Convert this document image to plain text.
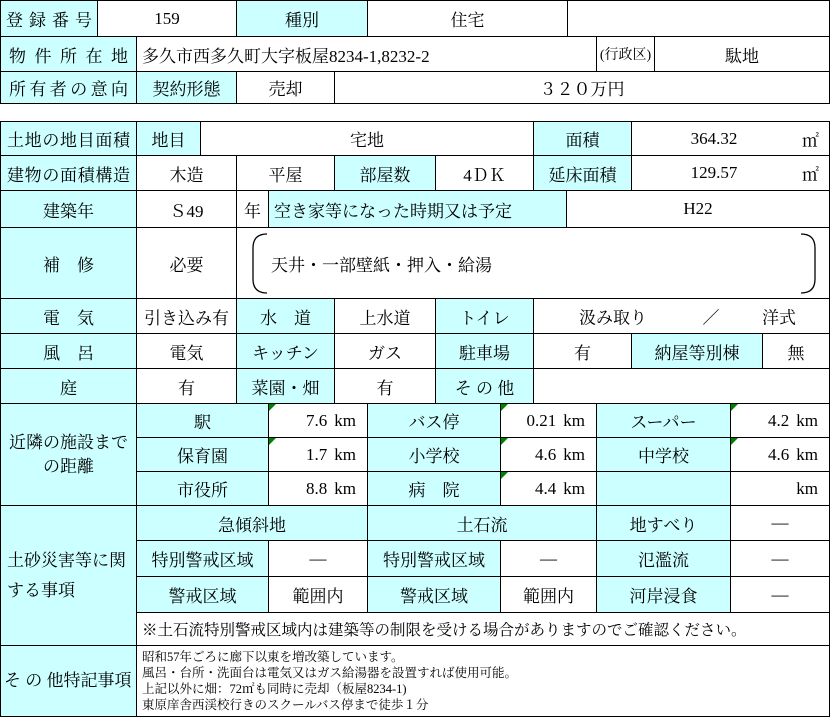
登録番号	159	種別	住宅
物件所在地 多久市西多久町大字板屋8234-1,8232-2	(行政区)	駄地
所有者の意向	契約形態	売却	３２０万円
土地の地目面積	地目	宅地	面積	364.32	㎡
建物の面積構造	木造	平屋	部屋数	4ＤＫ	延床面積	129.57	㎡
建築年	Ｓ49	年 空き家等になった時期又は予定	H22
補　修	必要	天井・一部壁紙・押入・給湯
電　気	引き込み有	水　道	上水道	トイレ	汲み取り	／	洋式
風　呂	電気	キッチン	ガス	駐車場	有	納屋等別棟	無
庭	有	菜園・畑	有	そ の 他
近隣の施設までの距離
駅	7.6 km	バス停	0.21 km	スーパー	4.2 km
保育園	1.7 km	小学校	4.6 km	中学校	4.6 km
市役所	8.8 km	病　院	4.4 km	km
土砂災害等に関する事項
急傾斜地	土石流	地すべり	―
特別警戒区域	―	特別警戒区域	―	氾濫流	―
警戒区域	範囲内	警戒区域	範囲内	河岸浸食	―
※土石流特別警戒区域内は建築等の制限を受ける場合がありますのでご確認ください。
そ の 他特記事項
昭和57年ごろに廊下以東を増改築しています。
風呂・台所・洗面台は電気又はガス給湯器を設置すれば使用可能。
上記以外に畑：72㎡も同時に売却（板屋8234-1)
東原庠舎西渓校行きのスクールバス停まで徒歩１分
